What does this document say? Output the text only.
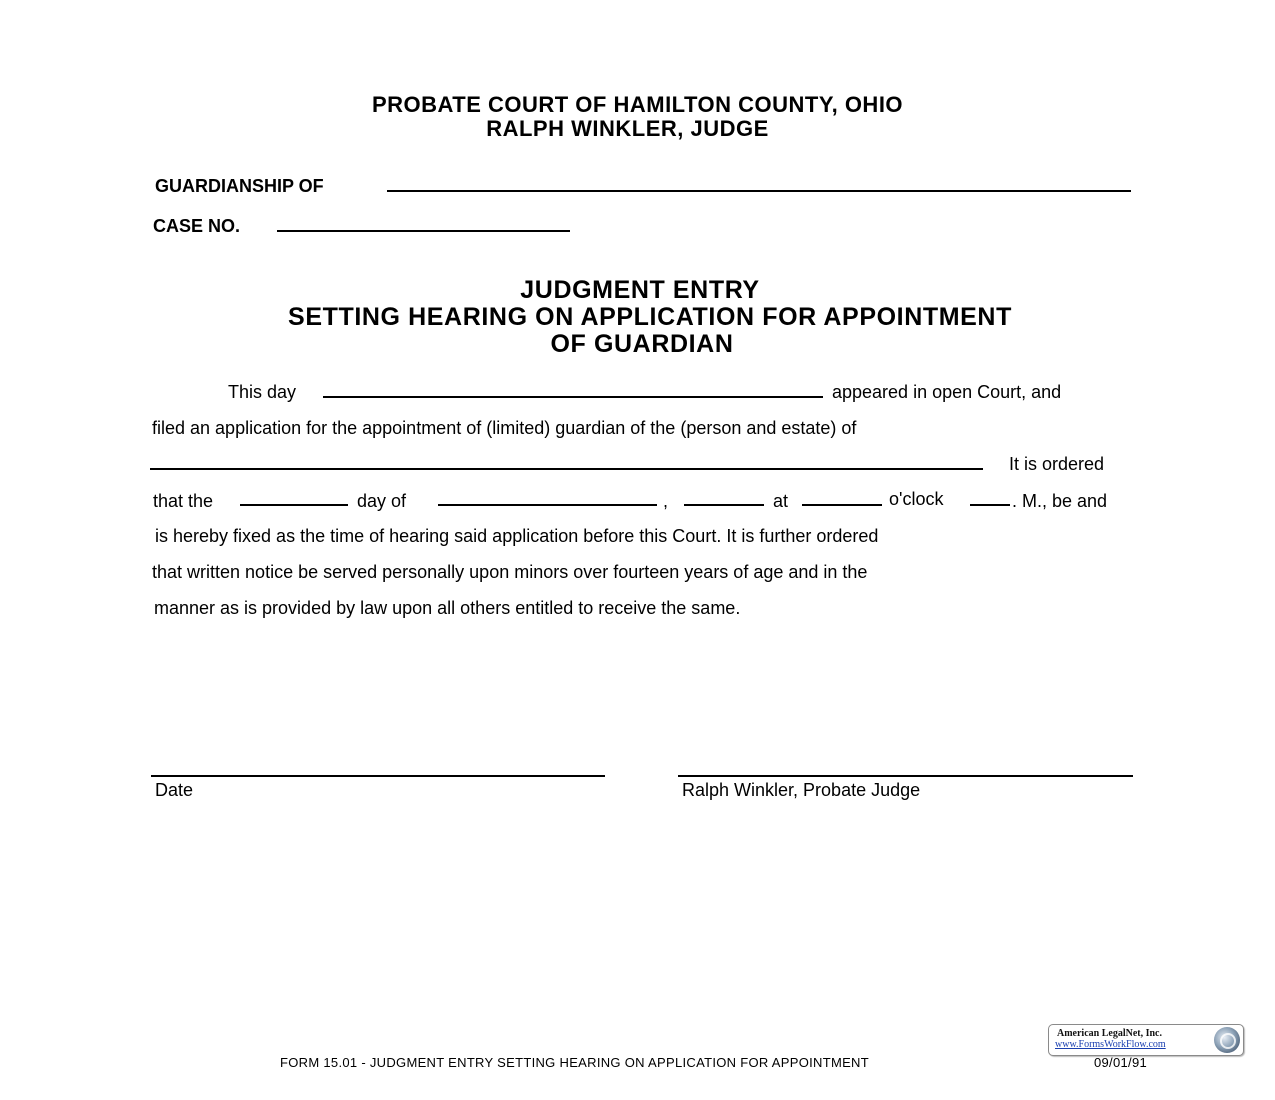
PROBATE COURT OF HAMILTON COUNTY, OHIO
RALPH WINKLER, JUDGE
GUARDIANSHIP OF
CASE NO.
JUDGMENT ENTRY
SETTING HEARING ON APPLICATION FOR APPOINTMENT
OF GUARDIAN
This day	appeared in open Court, and
filed an application for the appointment of (limited) guardian of the (person and estate) of
It is ordered
that the	day of	,	at	o'clock	. M., be and
is hereby fixed as the time of hearing said application before this Court. It is further ordered
that written notice be served personally upon minors over fourteen years of age and in the
manner as is provided by law upon all others entitled to receive the same.
Date	Ralph Winkler, Probate Judge
American LegalNet, Inc.
www.FormsWorkFlow.com
FORM 15.01 - JUDGMENT ENTRY SETTING HEARING ON APPLICATION FOR APPOINTMENT	09/01/91
